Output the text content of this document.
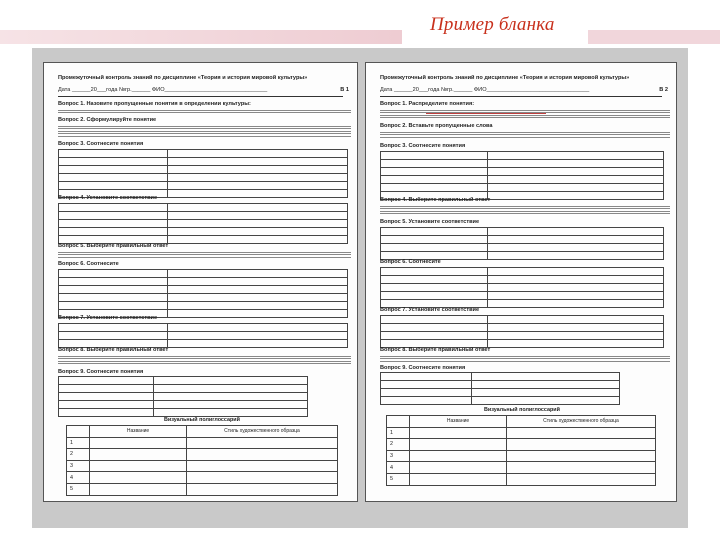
Пример бланка
Промежуточный контроль знаний по дисциплине «Теория и история мировой культуры»
Дата ______20___года №гр.______ ФИО_________________________________	В 1
Вопрос 1. Назовите пропущенные понятия в определении культуры:
Вопрос 2. Сформулируйте понятие
Вопрос 3. Соотнесите понятия

Вопрос 4. Установите соответствие

Вопрос 5. Выберите правильный ответ
Вопрос 6. Соотнесите

Вопрос 7. Установите соответствие

Вопрос 8. Выберите правильный ответ
Вопрос 9. Соотнесите понятия

Визуальный полиглоссарий
	Название	Стиль художественного образца
1		
2		
3		
4		
5		
Промежуточный контроль знаний по дисциплине «Теория и история мировой культуры»
Дата ______20___года №гр.______ ФИО_________________________________	В 2
Вопрос 1. Распределите понятия:
Вопрос 2. Вставьте пропущенные слова
Вопрос 3. Соотнесите понятия

Вопрос 4. Выберите правильный ответ
Вопрос 5. Установите соответствие

Вопрос 6. Соотнесите

Вопрос 7. Установите соответствие

Вопрос 8. Выберите правильный ответ
Вопрос 9. Соотнесите понятия

Визуальный полиглоссарий
	Название	Стиль художественного образца
1		
2		
3		
4		
5		
